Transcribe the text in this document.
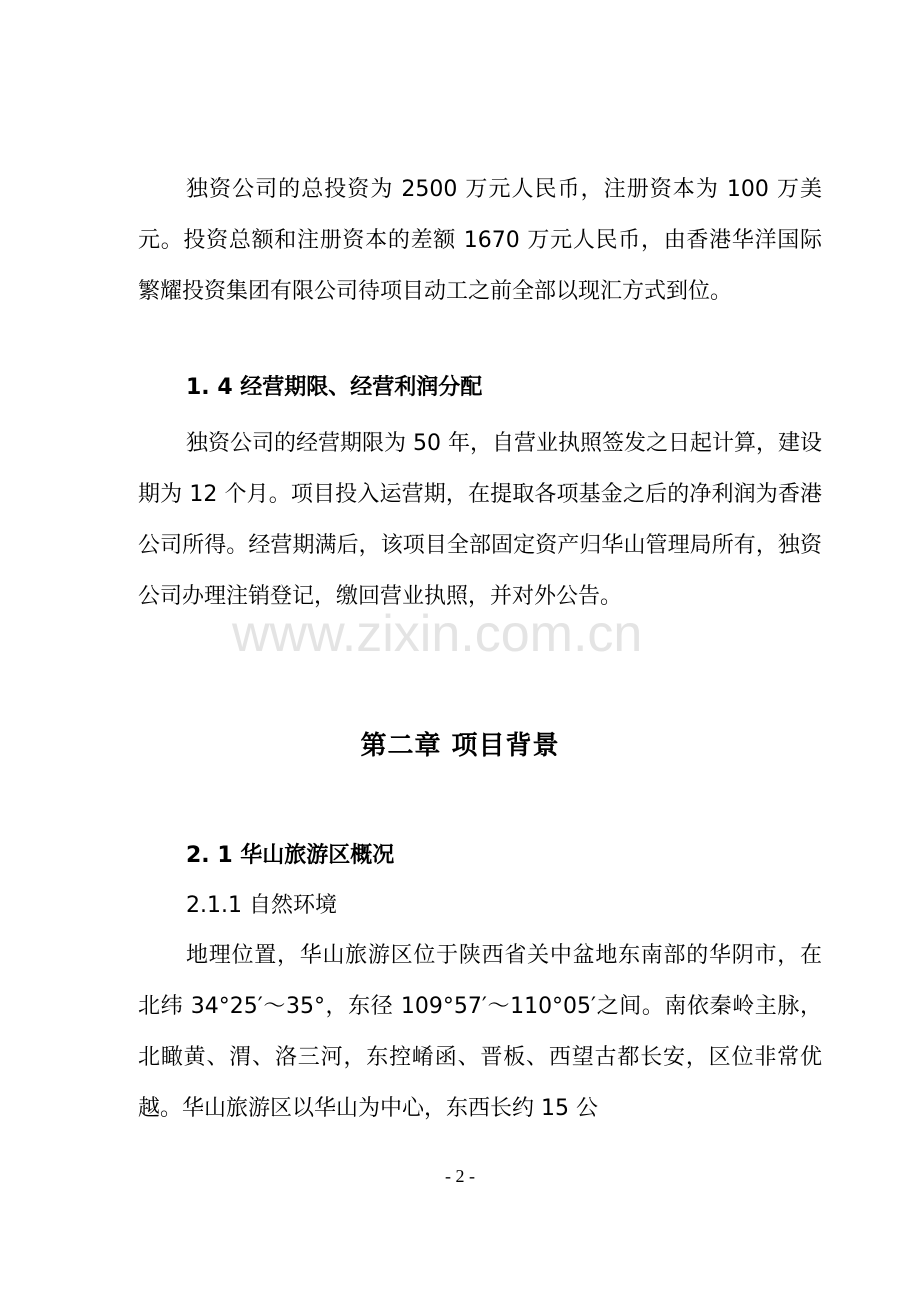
独资公司的总投资为 2500 万元人民币，注册资本为 100 万美元。投资总额和注册资本的差额 1670 万元人民币，由香港华洋国际繁耀投资集团有限公司待项目动工之前全部以现汇方式到位。

1. 4 经营期限、经营利润分配

独资公司的经营期限为 50 年，自营业执照签发之日起计算，建设期为 12 个月。项目投入运营期，在提取各项基金之后的净利润为香港公司所得。经营期满后，该项目全部固定资产归华山管理局所有，独资公司办理注销登记，缴回营业执照，并对外公告。

www.zixin.com.cn
第二章 项目背景
2. 1 华山旅游区概况
2.1.1 自然环境

地理位置，华山旅游区位于陕西省关中盆地东南部的华阴市，在北纬 34°25′～35°，东径 109°57′～110°05′之间。南依秦岭主脉，北瞰黄、渭、洛三河，东控崤函、晋板、西望古都长安，区位非常优越。华山旅游区以华山为中心，东西长约 15 公

- 2 -
